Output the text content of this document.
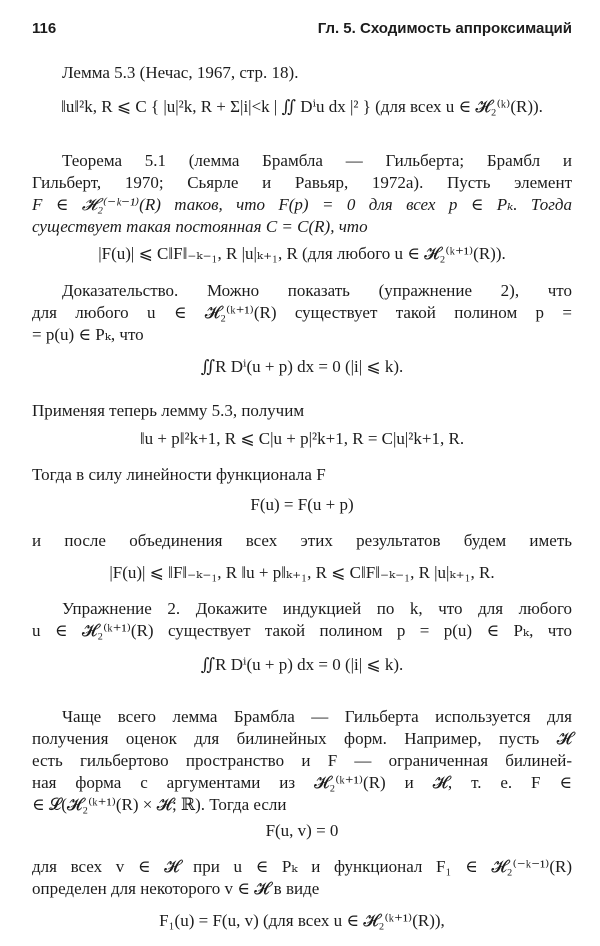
116	Гл. 5. Сходимость аппроксимаций
Лемма 5.3 (Нечас, 1967, стр. 18).
‖u‖²k, R ⩽ C { |u|²k, R + Σ|i|<k | ∬ Dⁱu dx |² } (для всех u ∈ 𝓗₂⁽ᵏ⁾(R)).
Теорема 5.1 (лемма Брамбла — Гильберта; Брамбл и
Гильберт, 1970; Сьярле и Равьяр, 1972а). Пусть элемент
F ∈ 𝓗₂⁽⁻ᵏ⁻¹⁾(R) таков, что F(p) = 0 для всех p ∈ Pₖ. Тогда
существует такая постоянная C = C(R), что
|F(u)| ⩽ C‖F‖₋ₖ₋₁, R |u|ₖ₊₁, R (для любого u ∈ 𝓗₂⁽ᵏ⁺¹⁾(R)).
Доказательство. Можно показать (упражнение 2), что
для любого u ∈ 𝓗₂⁽ᵏ⁺¹⁾(R) существует такой полином p =
= p(u) ∈ Pₖ, что
∬R Dⁱ(u + p) dx = 0 (|i| ⩽ k).
Применяя теперь лемму 5.3, получим
‖u + p‖²k+1, R ⩽ C|u + p|²k+1, R = C|u|²k+1, R.
Тогда в силу линейности функционала F
F(u) = F(u + p)
и после объединения всех этих результатов будем иметь
|F(u)| ⩽ ‖F‖₋ₖ₋₁, R ‖u + p‖ₖ₊₁, R ⩽ C‖F‖₋ₖ₋₁, R |u|ₖ₊₁, R.
Упражнение 2. Докажите индукцией по k, что для любого
u ∈ 𝓗₂⁽ᵏ⁺¹⁾(R) существует такой полином p = p(u) ∈ Pₖ, что
∬R Dⁱ(u + p) dx = 0 (|i| ⩽ k).
Чаще всего лемма Брамбла — Гильберта используется для
получения оценок для билинейных форм. Например, пусть 𝓗
есть гильбертово пространство и F — ограниченная билиней-
ная форма с аргументами из 𝓗₂⁽ᵏ⁺¹⁾(R) и 𝓗, т. е. F ∈
∈ 𝓛(𝓗₂⁽ᵏ⁺¹⁾(R) × 𝓗; ℝ). Тогда если
F(u, v) = 0
для всех v ∈ 𝓗 при u ∈ Pₖ и функционал F₁ ∈ 𝓗₂⁽⁻ᵏ⁻¹⁾(R)
определен для некоторого v ∈ 𝓗 в виде
F₁(u) = F(u, v) (для всех u ∈ 𝓗₂⁽ᵏ⁺¹⁾(R)),
